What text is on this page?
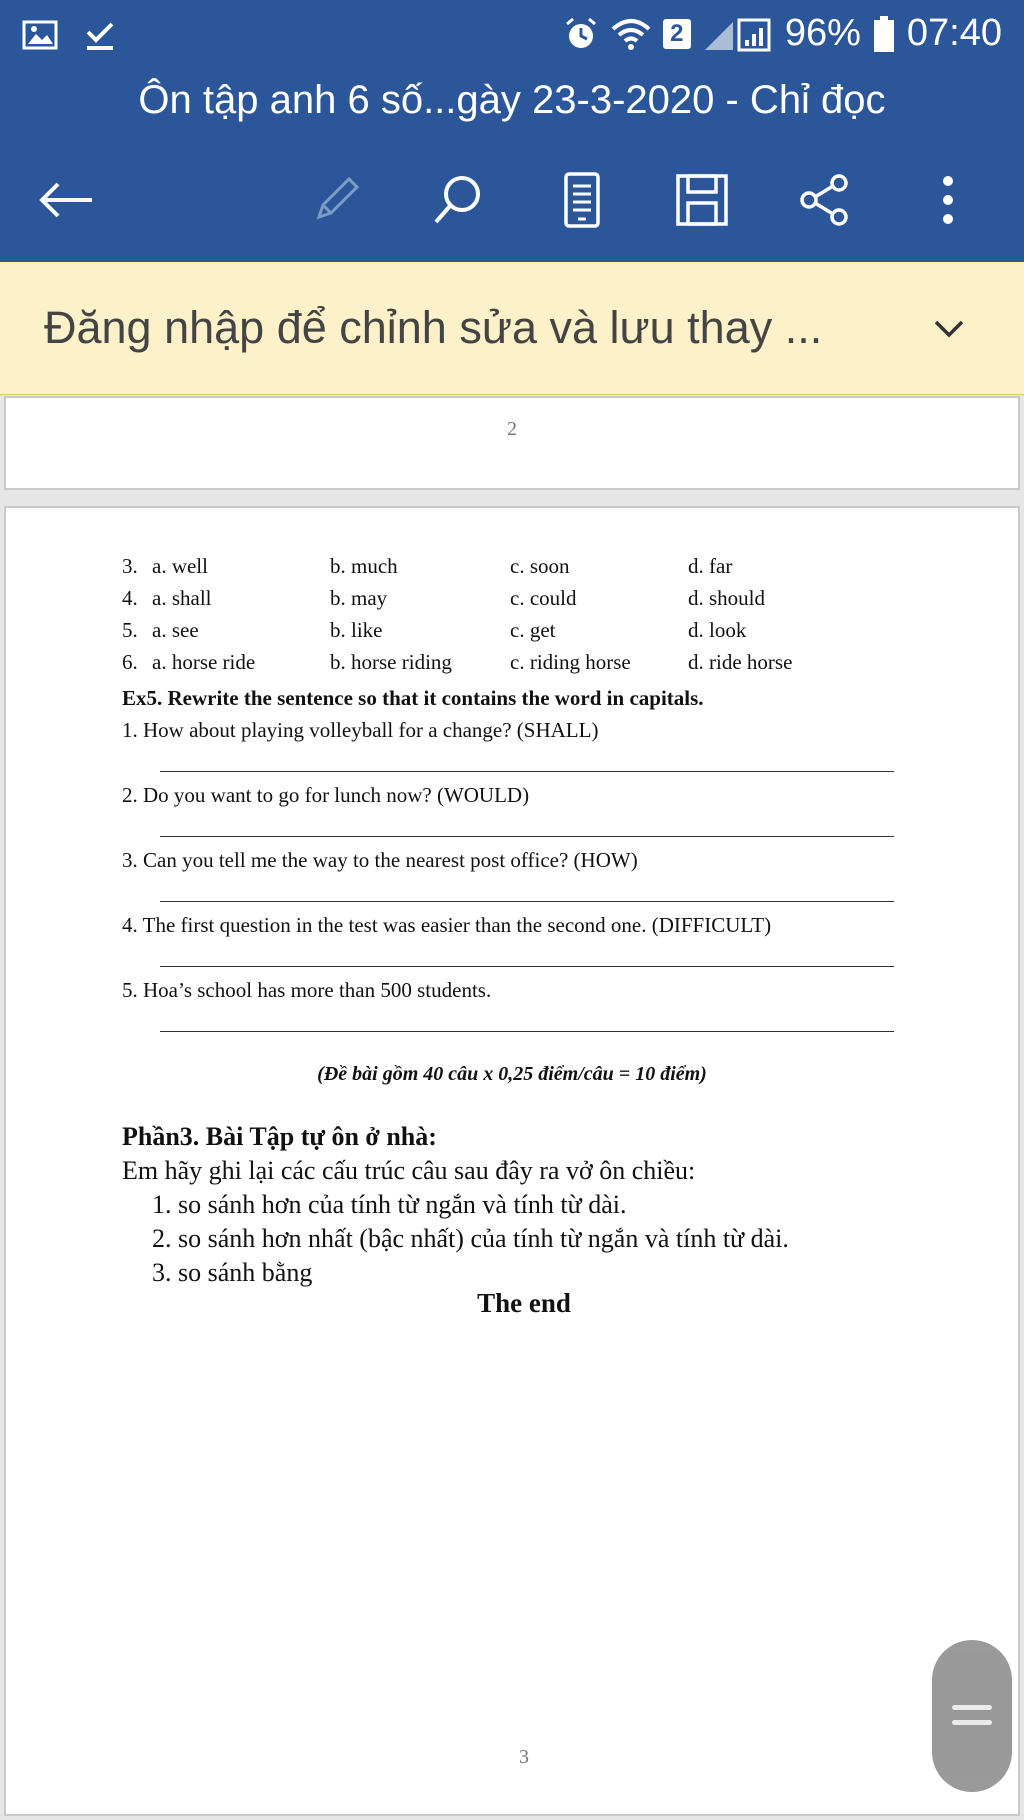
2	96% 07:40
Ôn tập anh 6 số...gày 23-3-2020 - Chỉ đọc
Đăng nhập để chỉnh sửa và lưu thay ...
2
3. a. well	b. much	c. soon	d. far
4. a. shall	b. may	c. could	d. should
5. a. see	b. like	c. get	d. look
6. a. horse ride	b. horse riding	c. riding horse	d. ride horse
Ex5. Rewrite the sentence so that it contains the word in capitals.
1. How about playing volleyball for a change? (SHALL)
2. Do you want to go for lunch now? (WOULD)
3. Can you tell me the way to the nearest post office? (HOW)
4. The first question in the test was easier than the second one. (DIFFICULT)
5. Hoa’s school has more than 500 students.
(Đề bài gồm 40 câu x 0,25 điểm/câu = 10 điểm)
Phần3. Bài Tập tự ôn ở nhà:
Em hãy ghi lại các cấu trúc câu sau đây ra vở ôn chiều:
1. so sánh hơn của tính từ ngắn và tính từ dài.
2. so sánh hơn nhất (bậc nhất) của tính từ ngắn và tính từ dài.
3. so sánh bằng
The end
3
